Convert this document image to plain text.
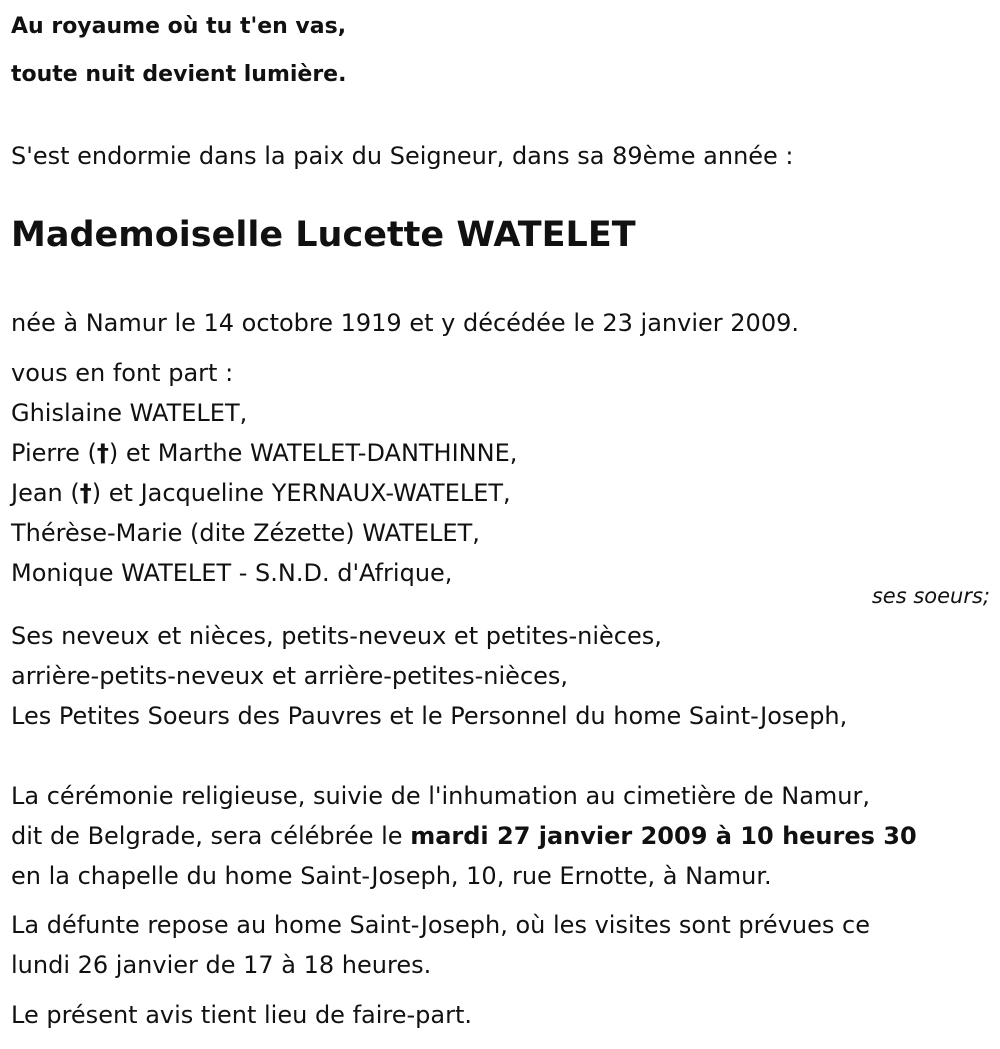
Au royaume où tu t'en vas,
toute nuit devient lumière.
S'est endormie dans la paix du Seigneur, dans sa 89ème année :
Mademoiselle Lucette WATELET
née à Namur le 14 octobre 1919 et y décédée le 23 janvier 2009.
vous en font part :
Ghislaine WATELET,
Pierre (†) et Marthe WATELET-DANTHINNE,
Jean (†) et Jacqueline YERNAUX-WATELET,
Thérèse-Marie (dite Zézette) WATELET,
Monique WATELET - S.N.D. d'Afrique,
ses soeurs;
Ses neveux et nièces, petits-neveux et petites-nièces,
arrière-petits-neveux et arrière-petites-nièces,
Les Petites Soeurs des Pauvres et le Personnel du home Saint-Joseph,
La cérémonie religieuse, suivie de l'inhumation au cimetière de Namur,
dit de Belgrade, sera célébrée le mardi 27 janvier 2009 à 10 heures 30
en la chapelle du home Saint-Joseph, 10, rue Ernotte, à Namur.
La défunte repose au home Saint-Joseph, où les visites sont prévues ce
lundi 26 janvier de 17 à 18 heures.
Le présent avis tient lieu de faire-part.
